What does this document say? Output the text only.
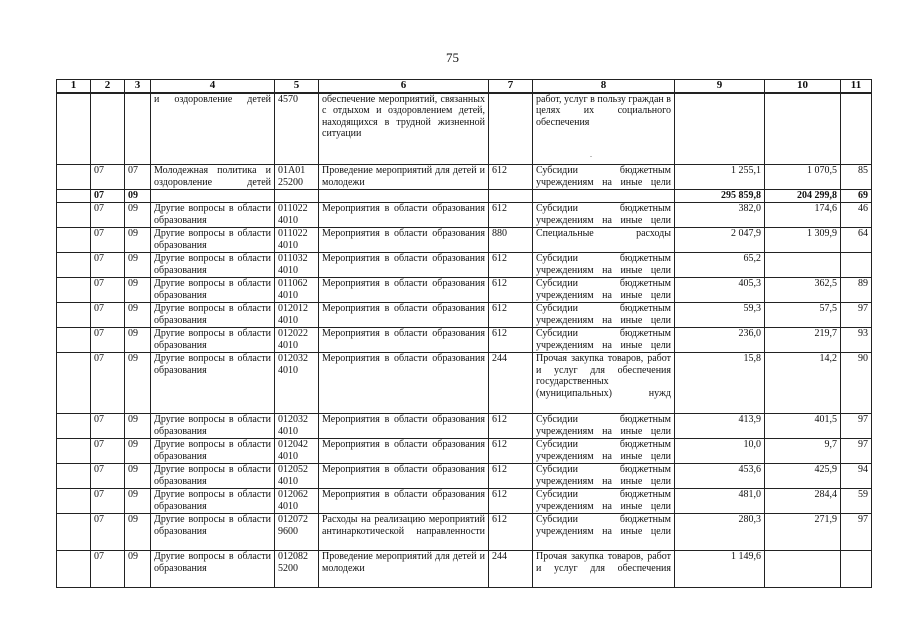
75
1	2	3	4	5	6	7	8	9	10	11
			и оздоровление детей	4570	обеспечение мероприятий, связанных с отдыхом и оздоровлением детей, находящихся в трудной жизненной ситуации		работ, услуг в пользу граждан в целях их социального обеспечения			
	07	07	Молодежная политика и оздоровление детей	01А01 25200	Проведение мероприятий для детей и молодежи	612	Субсидии бюджетным учреждениям на иные цели	1 255,1	1 070,5	85
	07	09						295 859,8	204 299,8	69
	07	09	Другие вопросы в области образования	011022 4010	Мероприятия в области образования	612	Субсидии бюджетным учреждениям на иные цели	382,0	174,6	46
	07	09	Другие вопросы в области образования	011022 4010	Мероприятия в области образования	880	Специальные расходы	2 047,9	1 309,9	64
	07	09	Другие вопросы в области образования	011032 4010	Мероприятия в области образования	612	Субсидии бюджетным учреждениям на иные цели	65,2		
	07	09	Другие вопросы в области образования	011062 4010	Мероприятия в области образования	612	Субсидии бюджетным учреждениям на иные цели	405,3	362,5	89
	07	09	Другие вопросы в области образования	012012 4010	Мероприятия в области образования	612	Субсидии бюджетным учреждениям на иные цели	59,3	57,5	97
	07	09	Другие вопросы в области образования	012022 4010	Мероприятия в области образования	612	Субсидии бюджетным учреждениям на иные цели	236,0	219,7	93
	07	09	Другие вопросы в области образования	012032 4010	Мероприятия в области образования	244	Прочая закупка товаров, работ и услуг для обеспечения государственных (муниципальных) нужд	15,8	14,2	90
	07	09	Другие вопросы в области образования	012032 4010	Мероприятия в области образования	612	Субсидии бюджетным учреждениям на иные цели	413,9	401,5	97
	07	09	Другие вопросы в области образования	012042 4010	Мероприятия в области образования	612	Субсидии бюджетным учреждениям на иные цели	10,0	9,7	97
	07	09	Другие вопросы в области образования	012052 4010	Мероприятия в области образования	612	Субсидии бюджетным учреждениям на иные цели	453,6	425,9	94
	07	09	Другие вопросы в области образования	012062 4010	Мероприятия в области образования	612	Субсидии бюджетным учреждениям на иные цели	481,0	284,4	59
	07	09	Другие вопросы в области образования	012072 9600	Расходы на реализацию мероприятий антинаркотической направленности	612	Субсидии бюджетным учреждениям на иные цели	280,3	271,9	97
	07	09	Другие вопросы в области образования	012082 5200	Проведение мероприятий для детей и молодежи	244	Прочая закупка товаров, работ и услуг для обеспечения	1 149,6		
.
